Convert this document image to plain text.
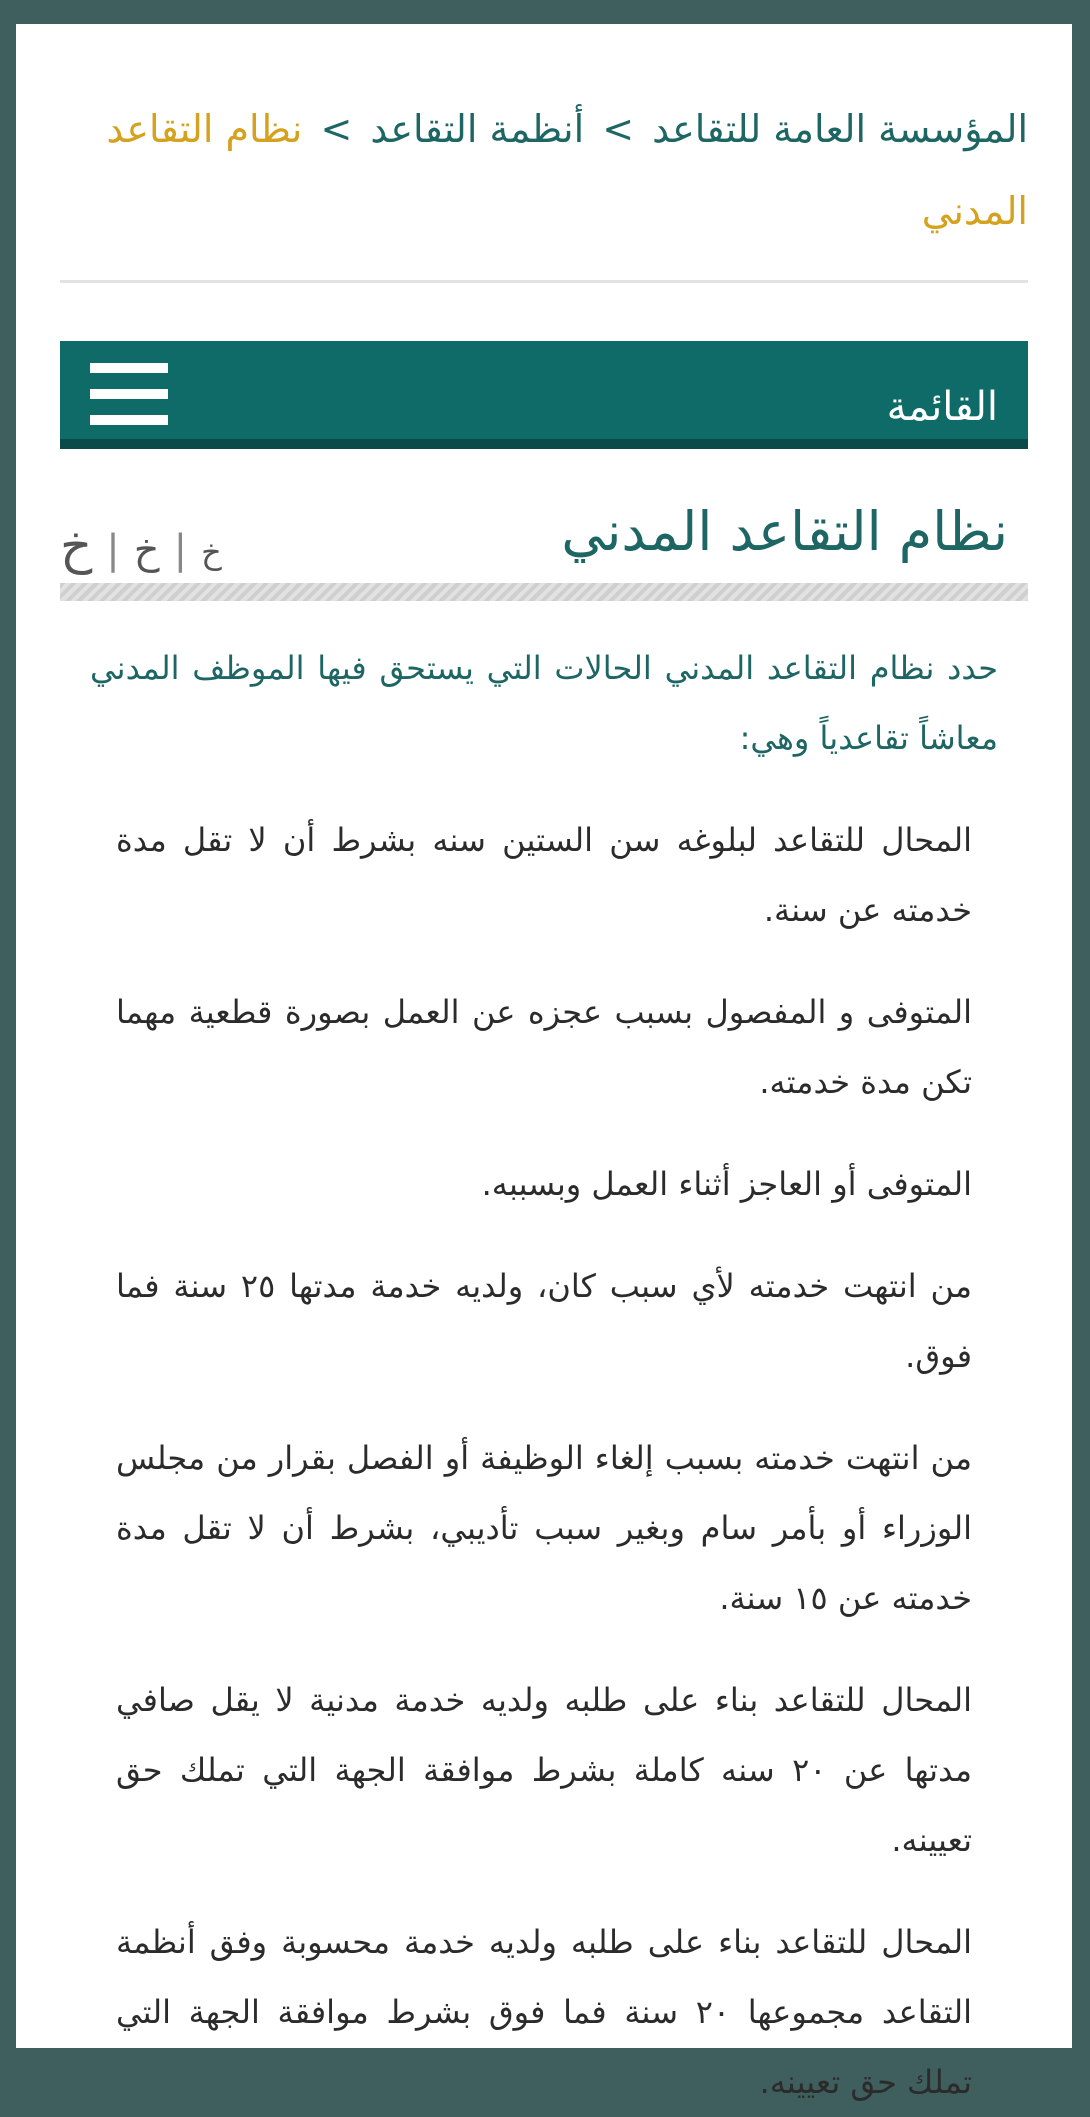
المؤسسة العامة للتقاعد > أنظمة التقاعد > نظام التقاعد المدني
القائمة
نظام التقاعد المدني
خ | خ | خ

حدد نظام التقاعد المدني الحالات التي يستحق فيها الموظف المدني معاشاً تقاعدياً وهي:

المحال للتقاعد لبلوغه سن الستين سنه بشرط أن لا تقل مدة خدمته عن سنة.

المتوفى و المفصول بسبب عجزه عن العمل بصورة قطعية مهما تكن مدة خدمته.

المتوفى أو العاجز أثناء العمل وبسببه.

من انتهت خدمته لأي سبب كان، ولديه خدمة مدتها ٢٥ سنة فما فوق.

من انتهت خدمته بسبب إلغاء الوظيفة أو الفصل بقرار من مجلس الوزراء أو بأمر سام وبغير سبب تأديبي، بشرط أن لا تقل مدة خدمته عن ١٥ سنة.

المحال للتقاعد بناء على طلبه ولديه خدمة مدنية لا يقل صافي مدتها عن ٢٠ سنه كاملة بشرط موافقة الجهة التي تملك حق تعيينه.

المحال للتقاعد بناء على طلبه ولديه خدمة محسوبة وفق أنظمة التقاعد مجموعها ٢٠ سنة فما فوق بشرط موافقة الجهة التي تملك حق تعيينه.
